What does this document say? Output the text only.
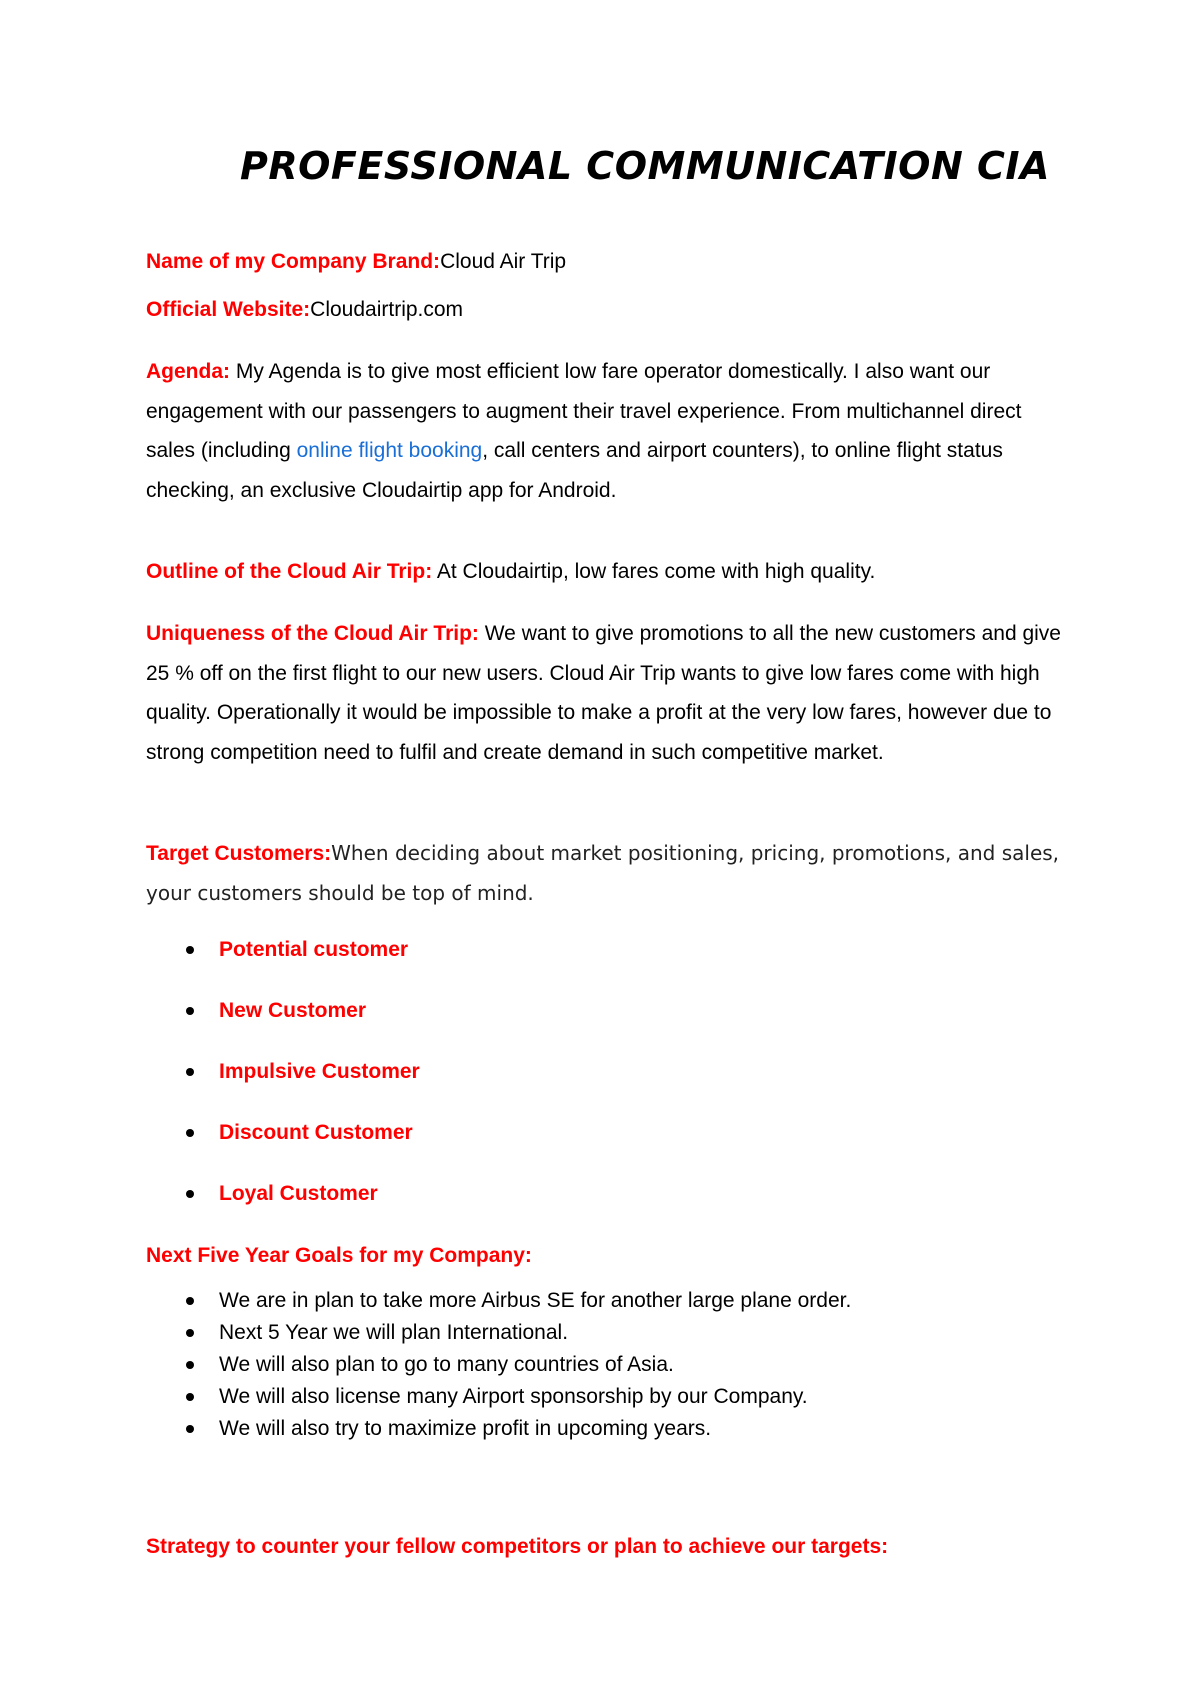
PROFESSIONAL COMMUNICATION CIA

Name of my Company Brand:Cloud Air Trip

Official Website:Cloudairtrip.com

Agenda: My Agenda is to give most efficient low fare operator domestically. I also want our engagement with our passengers to augment their travel experience. From multichannel direct sales (including online flight booking, call centers and airport counters), to online flight status checking, an exclusive Cloudairtip app for Android.

Outline of the Cloud Air Trip: At Cloudairtip, low fares come with high quality.

Uniqueness of the Cloud Air Trip: We want to give promotions to all the new customers and give 25 % off on the first flight to our new users. Cloud Air Trip wants to give low fares come with high quality. Operationally it would be impossible to make a profit at the very low fares, however due to strong competition need to fulfil and create demand in such competitive market.

Target Customers:When deciding about market positioning, pricing, promotions, and sales, your customers should be top of mind.

Potential customer
New Customer
Impulsive Customer
Discount Customer
Loyal Customer

Next Five Year Goals for my Company:

We are in plan to take more Airbus SE for another large plane order.
Next 5 Year we will plan International.
We will also plan to go to many countries of Asia.
We will also license many Airport sponsorship by our Company.
We will also try to maximize profit in upcoming years.

Strategy to counter your fellow competitors or plan to achieve our targets:
